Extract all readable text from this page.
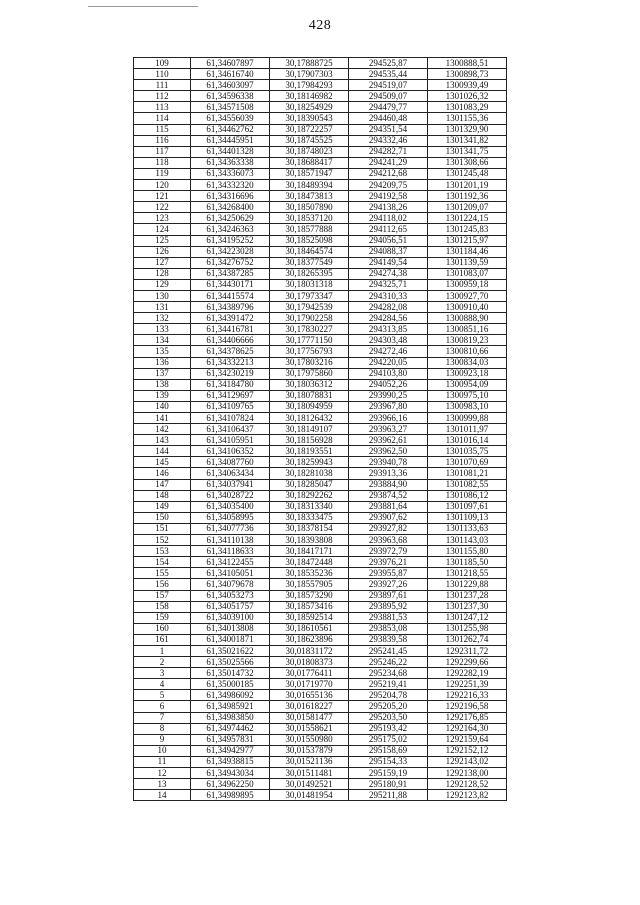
428
109	61,34607897	30,17888725	294525,87	1300888,51
110	61,34616740	30,17907303	294535,44	1300898,73
111	61,34603097	30,17984293	294519,07	1300939,49
112	61,34596338	30,18146982	294509,07	1301026,32
113	61,34571508	30,18254929	294479,77	1301083,29
114	61,34556039	30,18390543	294460,48	1301155,36
115	61,34462762	30,18722257	294351,54	1301329,90
116	61,34445951	30,18745525	294332,46	1301341,82
117	61,34401328	30,18748023	294282,71	1301341,75
118	61,34363338	30,18688417	294241,29	1301308,66
119	61,34336073	30,18571947	294212,68	1301245,48
120	61,34332320	30,18489394	294209,75	1301201,19
121	61,34316696	30,18473813	294192,58	1301192,36
122	61,34268400	30,18507890	294138,26	1301209,07
123	61,34250629	30,18537120	294118,02	1301224,15
124	61,34246363	30,18577888	294112,65	1301245,83
125	61,34195252	30,18525098	294056,51	1301215,97
126	61,34223028	30,18464574	294088,37	1301184,46
127	61,34276752	30,18377549	294149,54	1301139,59
128	61,34387285	30,18265395	294274,38	1301083,07
129	61,34430171	30,18031318	294325,71	1300959,18
130	61,34415574	30,17973347	294310,33	1300927,70
131	61,34389796	30,17942539	294282,08	1300910,40
132	61,34391472	30,17902258	294284,56	1300888,90
133	61,34416781	30,17830227	294313,85	1300851,16
134	61,34406666	30,17771150	294303,48	1300819,23
135	61,34378625	30,17756793	294272,46	1300810,66
136	61,34332213	30,17803216	294220,05	1300834,03
137	61,34230219	30,17975860	294103,80	1300923,18
138	61,34184780	30,18036312	294052,26	1300954,09
139	61,34129697	30,18078831	293990,25	1300975,10
140	61,34109765	30,18094959	293967,80	1300983,10
141	61,34107824	30,18126432	293966,16	1300999,88
142	61,34106437	30,18149107	293963,27	1301011,97
143	61,34105951	30,18156928	293962,61	1301016,14
144	61,34106352	30,18193551	293962,50	1301035,75
145	61,34087760	30,18259943	293940,78	1301070,69
146	61,34063434	30,18281038	293913,36	1301081,21
147	61,34037941	30,18285047	293884,90	1301082,55
148	61,34028722	30,18292262	293874,52	1301086,12
149	61,34035400	30,18313340	293881,64	1301097,61
150	61,34058995	30,18333475	293907,62	1301109,13
151	61,34077736	30,18378154	293927,82	1301133,63
152	61,34110138	30,18393808	293963,68	1301143,03
153	61,34118633	30,18417171	293972,79	1301155,80
154	61,34122455	30,18472448	293976,21	1301185,50
155	61,34105051	30,18535236	293955,87	1301218,55
156	61,34079678	30,18557905	293927,26	1301229,88
157	61,34053273	30,18573290	293897,61	1301237,28
158	61,34051757	30,18573416	293895,92	1301237,30
159	61,34039100	30,18592514	293881,53	1301247,12
160	61,34013808	30,18610561	293853,08	1301255,98
161	61,34001871	30,18623896	293839,58	1301262,74
1	61,35021622	30,01831172	295241,45	1292311,72
2	61,35025566	30,01808373	295246,22	1292299,66
3	61,35014732	30,01776411	295234,68	1292282,19
4	61,35000185	30,01719770	295219,41	1292251,39
5	61,34986092	30,01655136	295204,78	1292216,33
6	61,34985921	30,01618227	295205,20	1292196,58
7	61,34983850	30,01581477	295203,50	1292176,85
8	61,34974462	30,01558621	295193,42	1292164,30
9	61,34957831	30,01550980	295175,02	1292159,64
10	61,34942977	30,01537879	295158,69	1292152,12
11	61,34938815	30,01521136	295154,33	1292143,02
12	61,34943034	30,01511481	295159,19	1292138,00
13	61,34962250	30,01492521	295180,91	1292128,52
14	61,34989895	30,01481954	295211,88	1292123,82
